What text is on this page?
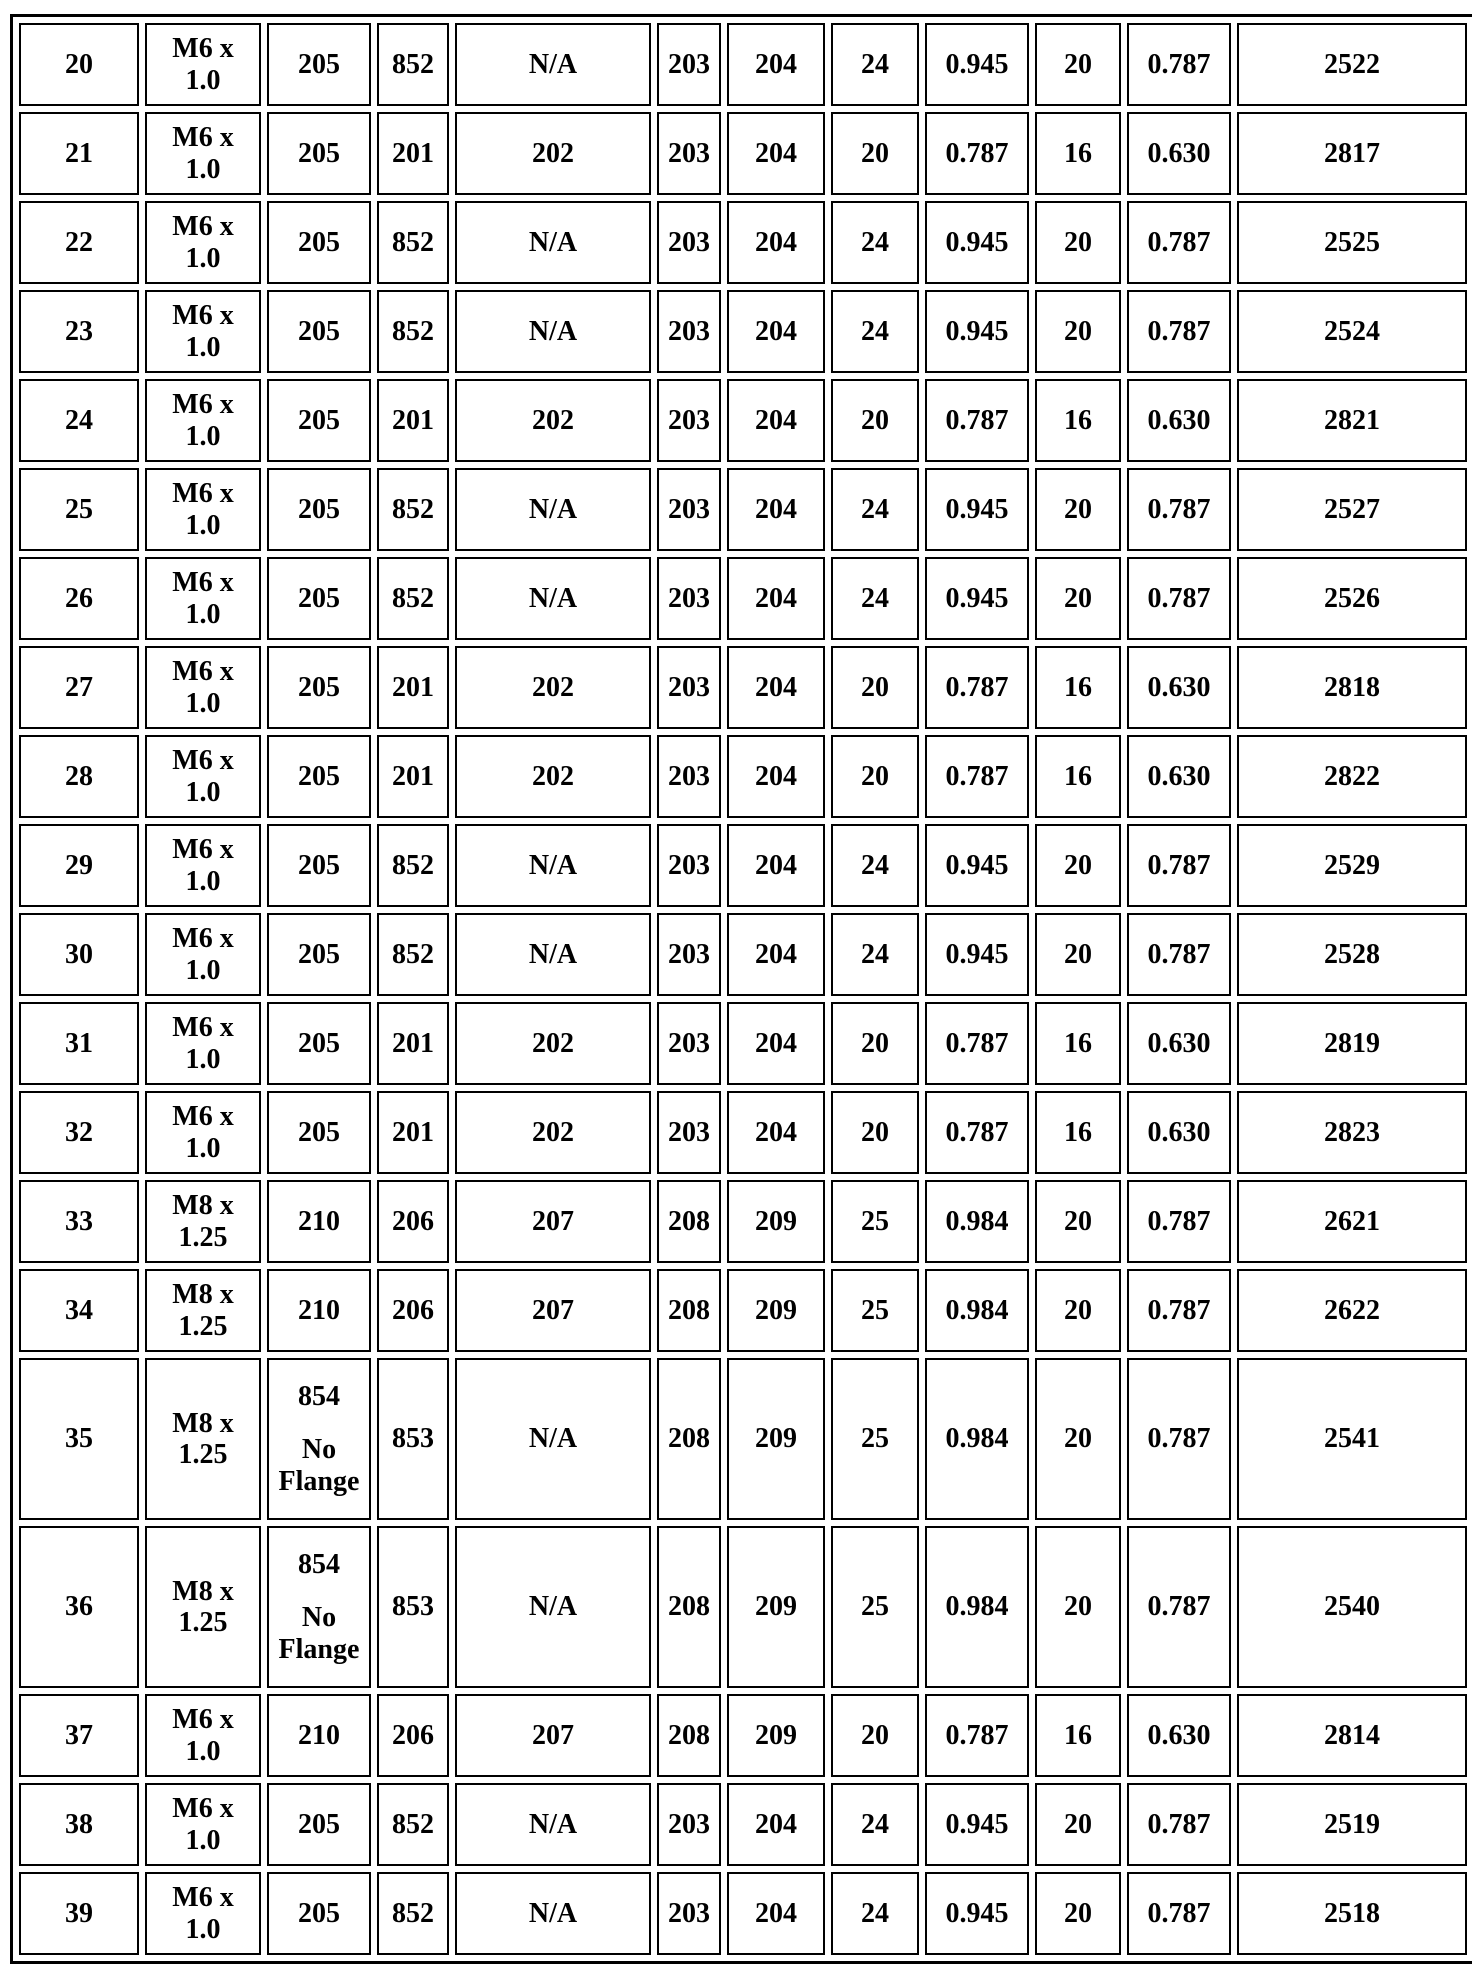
20	M6 x
1.0	205	852	N/A	203	204	24	0.945	20	0.787	2522
21	M6 x
1.0	205	201	202	203	204	20	0.787	16	0.630	2817
22	M6 x
1.0	205	852	N/A	203	204	24	0.945	20	0.787	2525
23	M6 x
1.0	205	852	N/A	203	204	24	0.945	20	0.787	2524
24	M6 x
1.0	205	201	202	203	204	20	0.787	16	0.630	2821
25	M6 x
1.0	205	852	N/A	203	204	24	0.945	20	0.787	2527
26	M6 x
1.0	205	852	N/A	203	204	24	0.945	20	0.787	2526
27	M6 x
1.0	205	201	202	203	204	20	0.787	16	0.630	2818
28	M6 x
1.0	205	201	202	203	204	20	0.787	16	0.630	2822
29	M6 x
1.0	205	852	N/A	203	204	24	0.945	20	0.787	2529
30	M6 x
1.0	205	852	N/A	203	204	24	0.945	20	0.787	2528
31	M6 x
1.0	205	201	202	203	204	20	0.787	16	0.630	2819
32	M6 x
1.0	205	201	202	203	204	20	0.787	16	0.630	2823
33	M8 x
1.25	210	206	207	208	209	25	0.984	20	0.787	2621
34	M8 x
1.25	210	206	207	208	209	25	0.984	20	0.787	2622
35	M8 x
1.25	854
No
Flange	853	N/A	208	209	25	0.984	20	0.787	2541
36	M8 x
1.25	854
No
Flange	853	N/A	208	209	25	0.984	20	0.787	2540
37	M6 x
1.0	210	206	207	208	209	20	0.787	16	0.630	2814
38	M6 x
1.0	205	852	N/A	203	204	24	0.945	20	0.787	2519
39	M6 x
1.0	205	852	N/A	203	204	24	0.945	20	0.787	2518
